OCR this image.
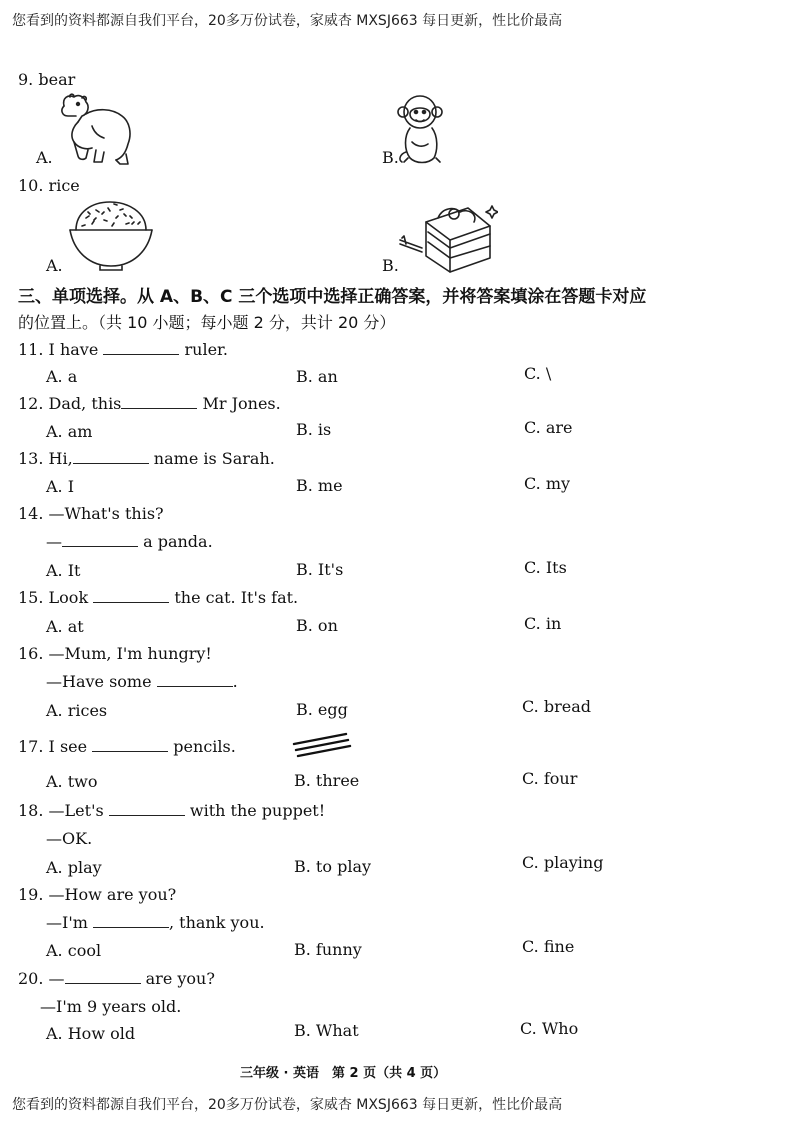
您看到的资料都源自我们平台，20多万份试卷，家威杏 MXSJ663 每日更新，性比价最高
您看到的资料都源自我们平台，20多万份试卷，家威杏 MXSJ663 每日更新，性比价最高
9. bear
A.	B.
10. rice
A.	B.
三、单项选择。从 A、B、C 三个选项中选择正确答案，并将答案填涂在答题卡对应
的位置上。（共 10 小题；每小题 2 分，共计 20 分）
11. I have	ruler.
A. a	B. an	C. \
12. Dad, this	Mr Jones.
A. am	B. is	C. are
13. Hi,	name is Sarah.
A. I	B. me	C. my
14. —What's this?
—	a panda.
A. It	B. It's	C. Its
15. Look	the cat. It's fat.
A. at	B. on	C. in
16. —Mum, I'm hungry!
—Have some	.
A. rices	B. egg	C. bread
17. I see	pencils.
A. two	B. three	C. four
18. —Let's	with the puppet!
—OK.
A. play	B. to play	C. playing
19. —How are you?
—I'm	, thank you.
A. cool	B. funny	C. fine
20. —	are you?
—I'm 9 years old.
A. How old	B. What	C. Who
三年级 · 英语　第 2 页（共 4 页）
